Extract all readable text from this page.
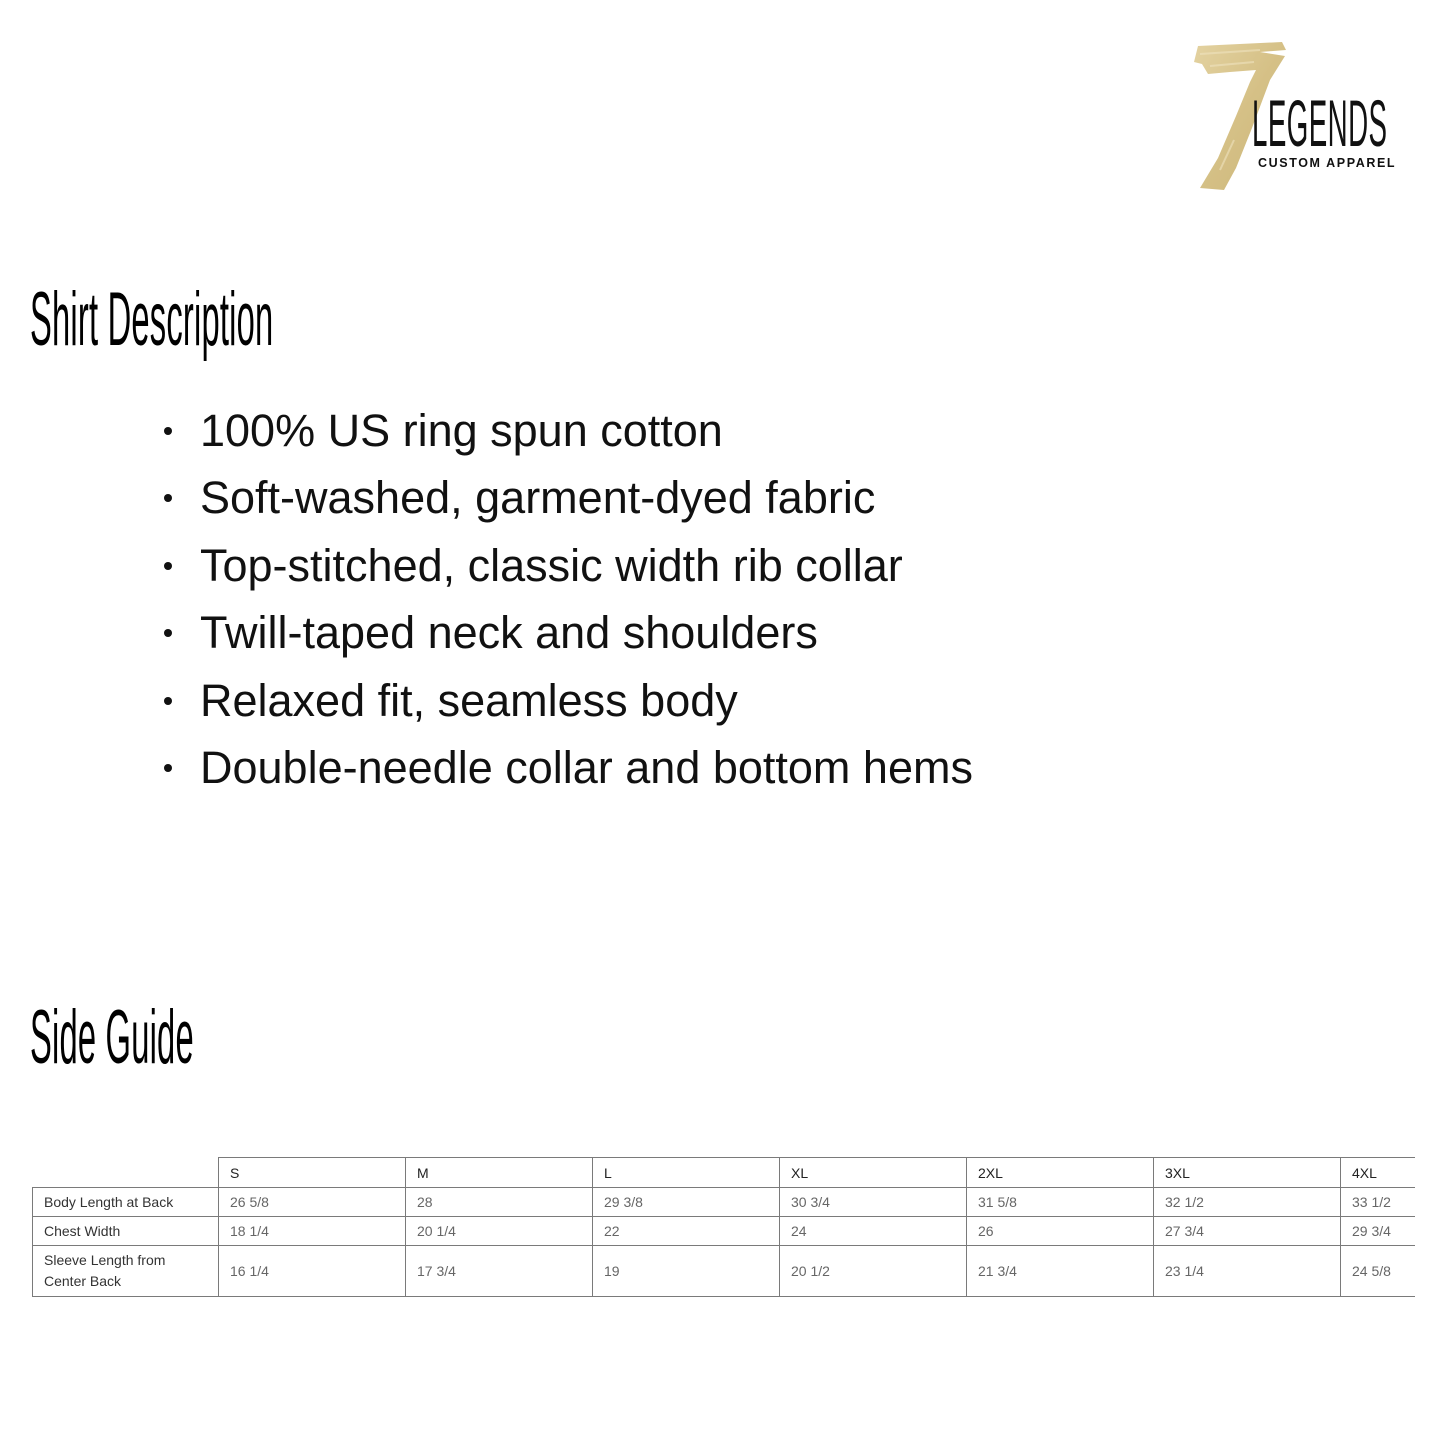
LEGENDS
CUSTOM APPAREL
Shirt Description
100% US ring spun cotton
Soft-washed, garment-dyed fabric
Top-stitched, classic width rib collar
Twill-taped neck and shoulders
Relaxed fit, seamless body
Double-needle collar and bottom hems
Side Guide
	S	M	L	XL	2XL	3XL	4XL
Body Length at Back	26 5/8	28	29 3/8	30 3/4	31 5/8	32 1/2	33 1/2
Chest Width	18 1/4	20 1/4	22	24	26	27 3/4	29 3/4
Sleeve Length from
Center Back	16 1/4	17 3/4	19	20 1/2	21 3/4	23 1/4	24 5/8
